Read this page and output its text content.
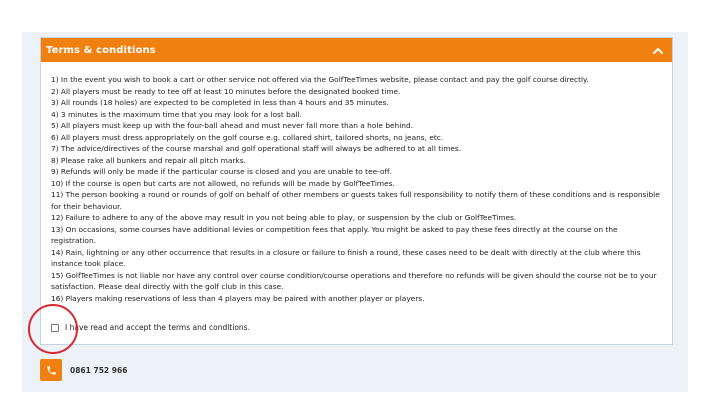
Terms & conditions
1) In the event you wish to book a cart or other service not offered via the GolfTeeTimes website, please contact and pay the golf course directly.
2) All players must be ready to tee off at least 10 minutes before the designated booked time.
3) All rounds (18 holes) are expected to be completed in less than 4 hours and 35 minutes.
4) 3 minutes is the maximum time that you may look for a lost ball.
5) All players must keep up with the four-ball ahead and must never fall more than a hole behind.
6) All players must dress appropriately on the golf course e.g. collared shirt, tailored shorts, no jeans, etc.
7) The advice/directives of the course marshal and golf operational staff will always be adhered to at all times.
8) Please rake all bunkers and repair all pitch marks.
9) Refunds will only be made if the particular course is closed and you are unable to tee-off.
10) If the course is open but carts are not allowed, no refunds will be made by GolfTeeTimes.
11) The person booking a round or rounds of golf on behalf of other members or guests takes full responsibility to notify them of these conditions and is responsible for their behaviour.
12) Failure to adhere to any of the above may result in you not being able to play, or suspension by the club or GolfTeeTimes.
13) On occasions, some courses have additional levies or competition fees that apply. You might be asked to pay these fees directly at the course on the registration.
14) Rain, lightning or any other occurrence that results in a closure or failure to finish a round, these cases need to be dealt with directly at the club where this instance took place.
15) GolfTeeTimes is not liable nor have any control over course condition/course operations and therefore no refunds will be given should the course not be to your satisfaction. Please deal directly with the golf club in this case.
16) Players making reservations of less than 4 players may be paired with another player or players.
I have read and accept the terms and conditions.
0861 752 966
